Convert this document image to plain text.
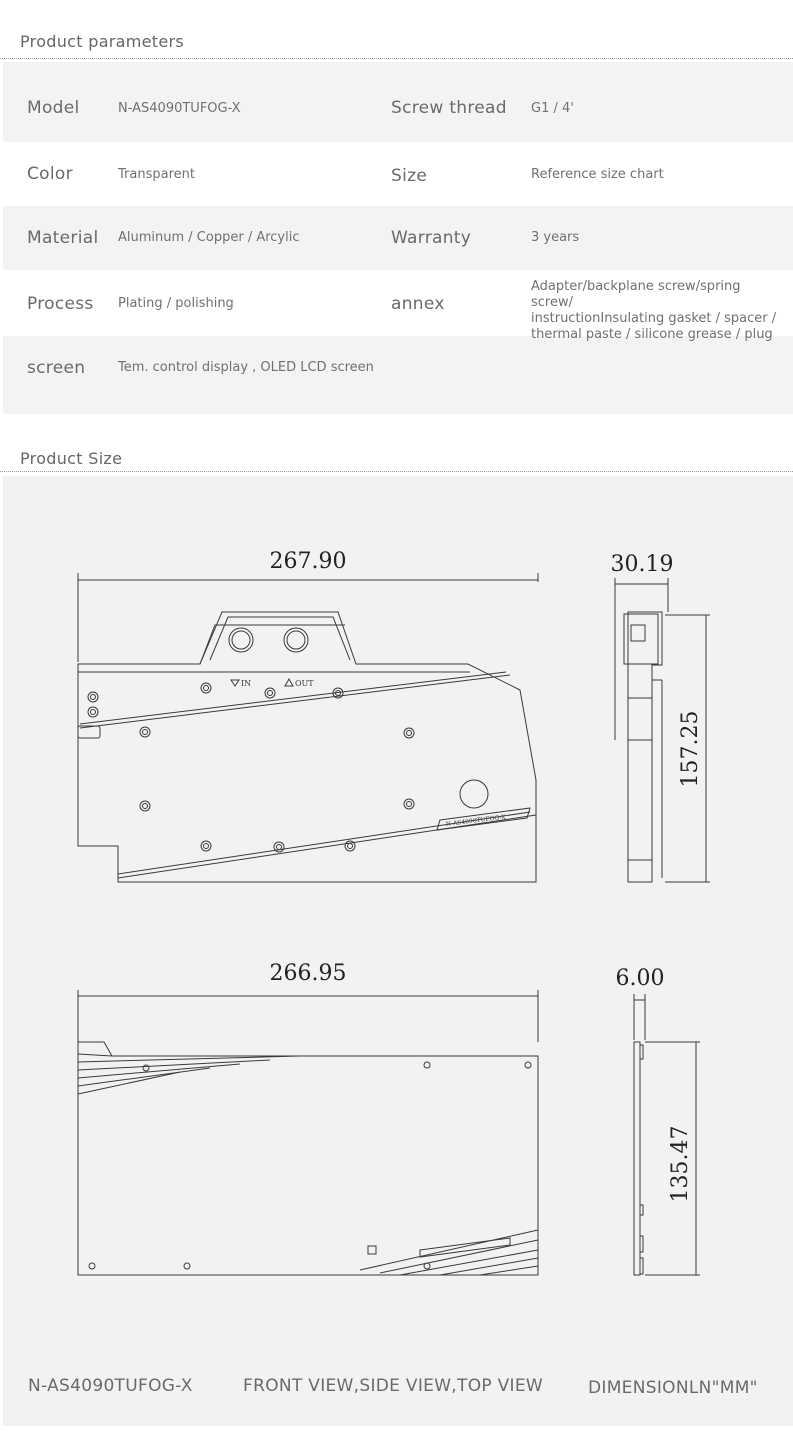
Product parameters
Model	N-AS4090TUFOG-X	Screw thread G1 / 4'
Color	Transparent	Size	Reference size chart
Material Aluminum / Copper / Arcylic	Warranty	3 years
Process Plating / polishing	annex
Adapter/backplane screw/spring screw/
instructionInsulating gasket / spacer /
thermal paste / silicone grease / plug
screen	Tem. control display , OLED LCD screen
Product Size
IN	OUT
N-AS4090TUFOG-X
267.90	30.19
157.25
266.95	6.00
135.47
N-AS4090TUFOG-X	FRONT VIEW,SIDE VIEW,TOP VIEW	DIMENSIONLN"MM"
